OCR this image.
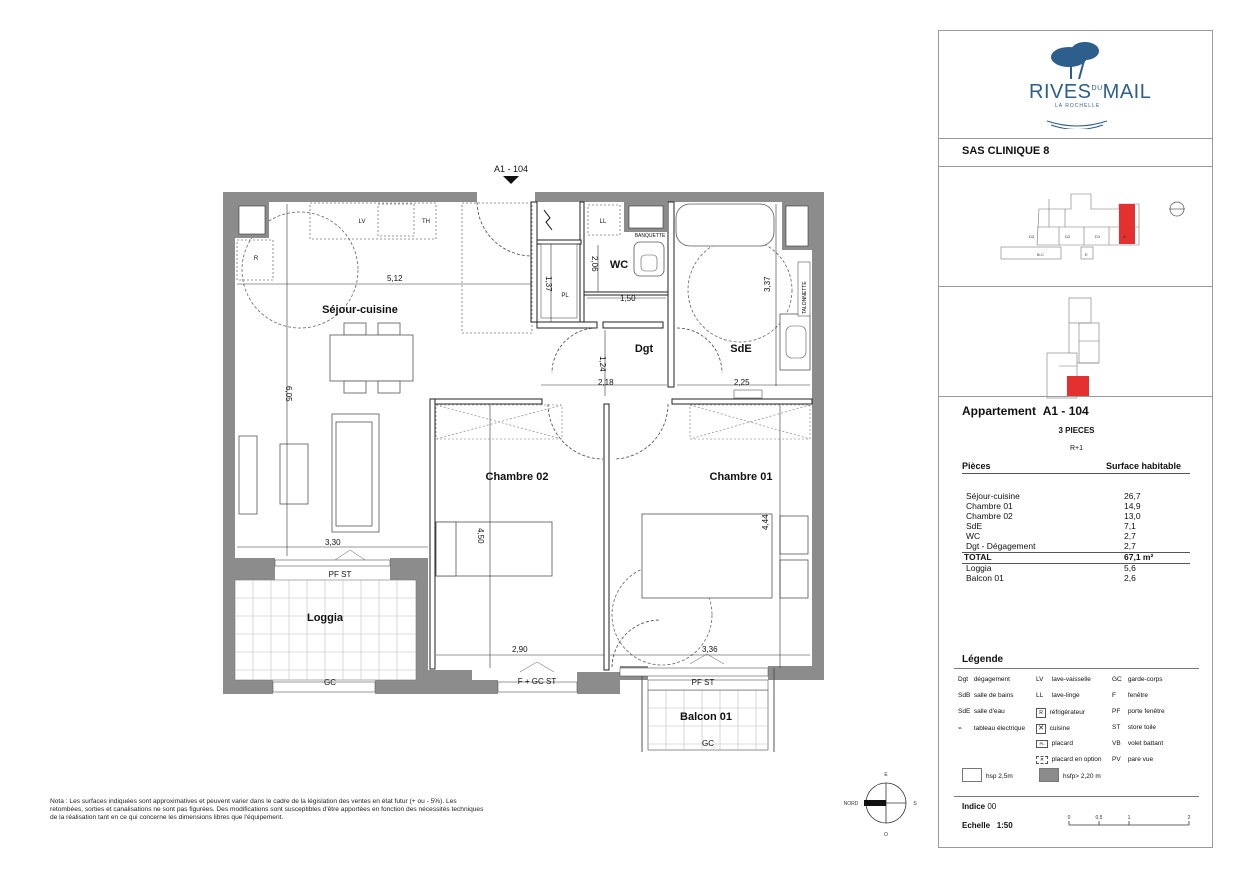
A1 - 104
LV	TH
R
BANQUETTE
LL
PL	TALONNETTE
5,12
6,05
1,37
2,06
1,50
3,37
1,24
2,18	2,25
3,30	4,50
4,44
2,90	3,36
Séjour-cuisine
WC
Dgt	SdE
Chambre 02	Chambre 01
Loggia
Balcon 01
PF ST
GC	F + GC ST	PF ST
GC
NORD
E
S
O
Nota : Les surfaces indiquées sont approximatives et peuvent varier dans le cadre de la législation des ventes en état futur (+ ou - 5%). Les retombées, sorties et canalisations ne sont pas figurées. Des modifications sont susceptibles d'être apportées en fonction des nécessités techniques de la réalisation tant en ce qui concerne les dimensions libres que l'équipement.
$RIVES^{DU}MAIL$
LA ROCHELLE
SAS CLINIQUE 8
D3	D2	D1	A
B-C	E
Appartement A1 - 104
3 PIECES
R+1
Pièces	Surface habitable
Séjour-cuisine	26,7
Chambre 01	14,9
Chambre 02	13,0
SdE	7,1
WC	2,7
Dgt - Dégagement	2,7
TOTAL	67,1 m²
Loggia	5,6
Balcon 01	2,6
Légende
Dgt dégagement
SdB salle de bains
SdE salle d'eau
⌁ tableau électrique
LV lave-vaisselle
LL lave-linge
R réfrigérateur
✕ cuisine
PL placard
✕ placard en option
GC garde-corps
F fenêtre
PF porte fenêtre
ST store toile
VB volet battant
PV pare vue
hsp 2,5m	hsfp> 2,20 m
Indice 00
Echelle 1:50
0	0,5	1	2
